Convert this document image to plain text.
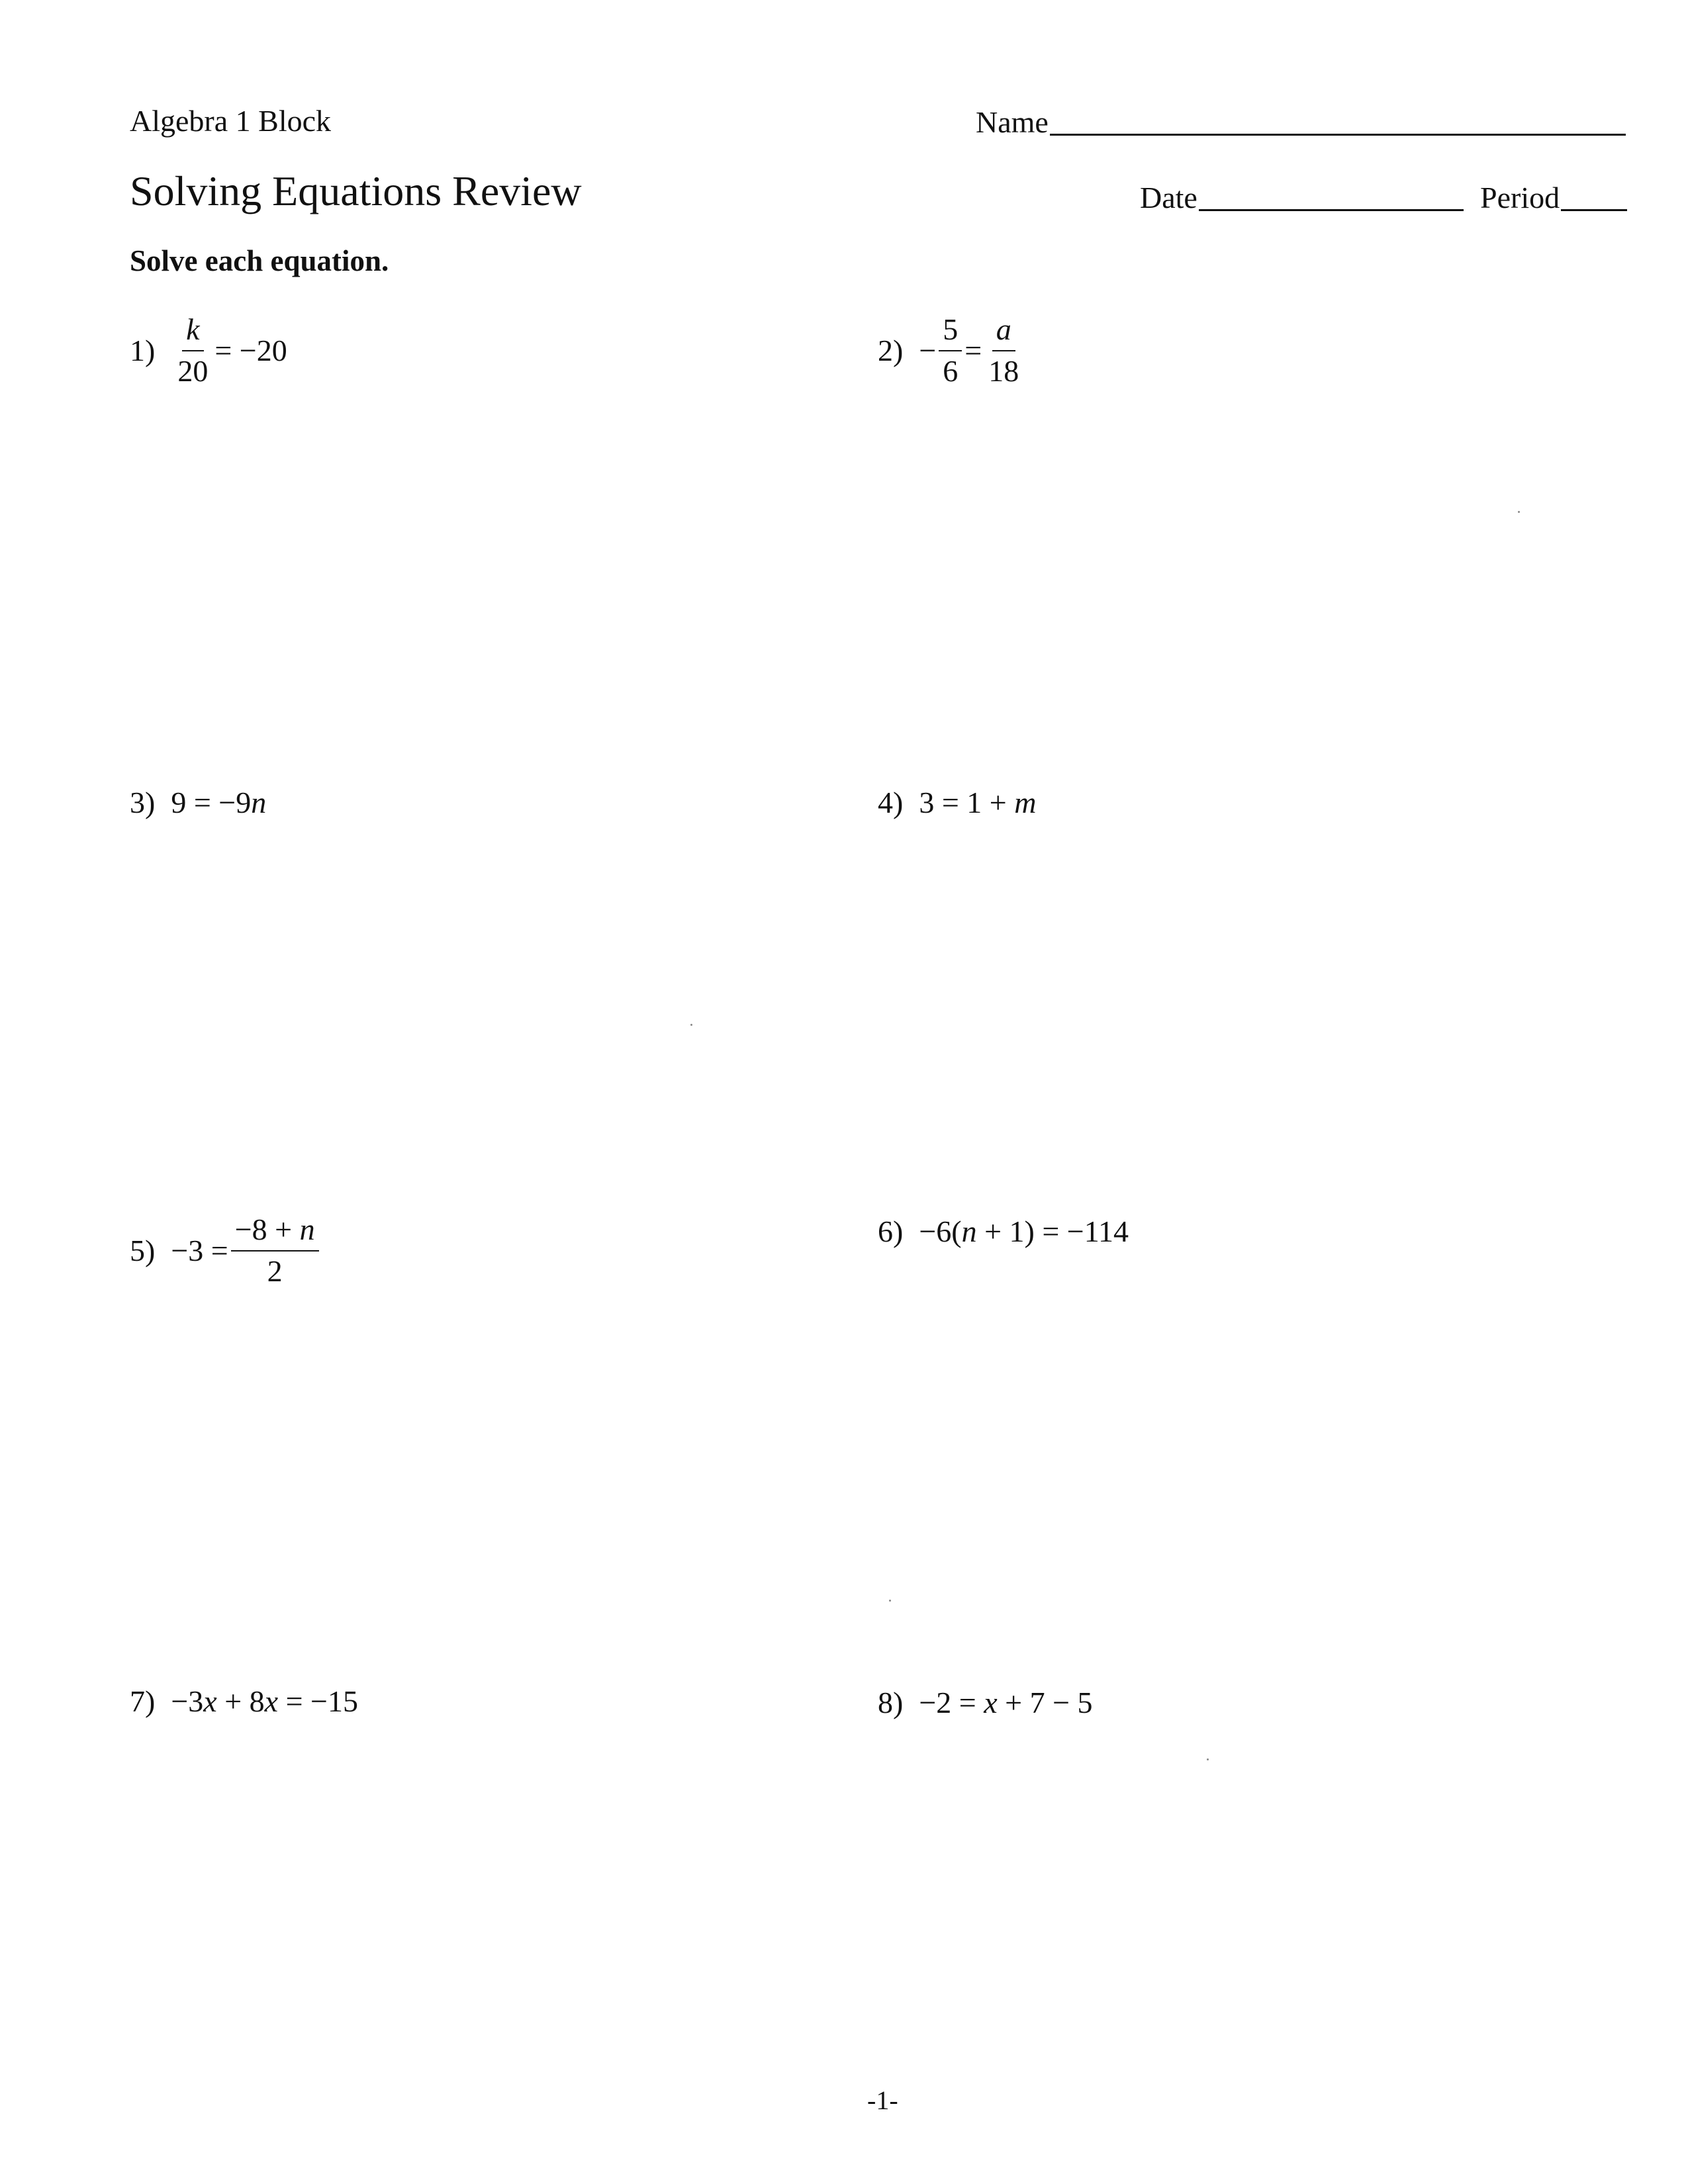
Algebra 1 Block
Solving Equations Review
Solve each equation.
Name
Date	Period
$1) \frac{k}{20} = -20$	$2) - \frac{5}{6} = \frac{a}{18}$
3) 9 = −9n	4) 3 = 1 + m
$5) -3 = \frac{-8 + n}{2}$	6) −6(n + 1) = −114
7) −3x + 8x = −15	8) −2 = x + 7 − 5
-1-
